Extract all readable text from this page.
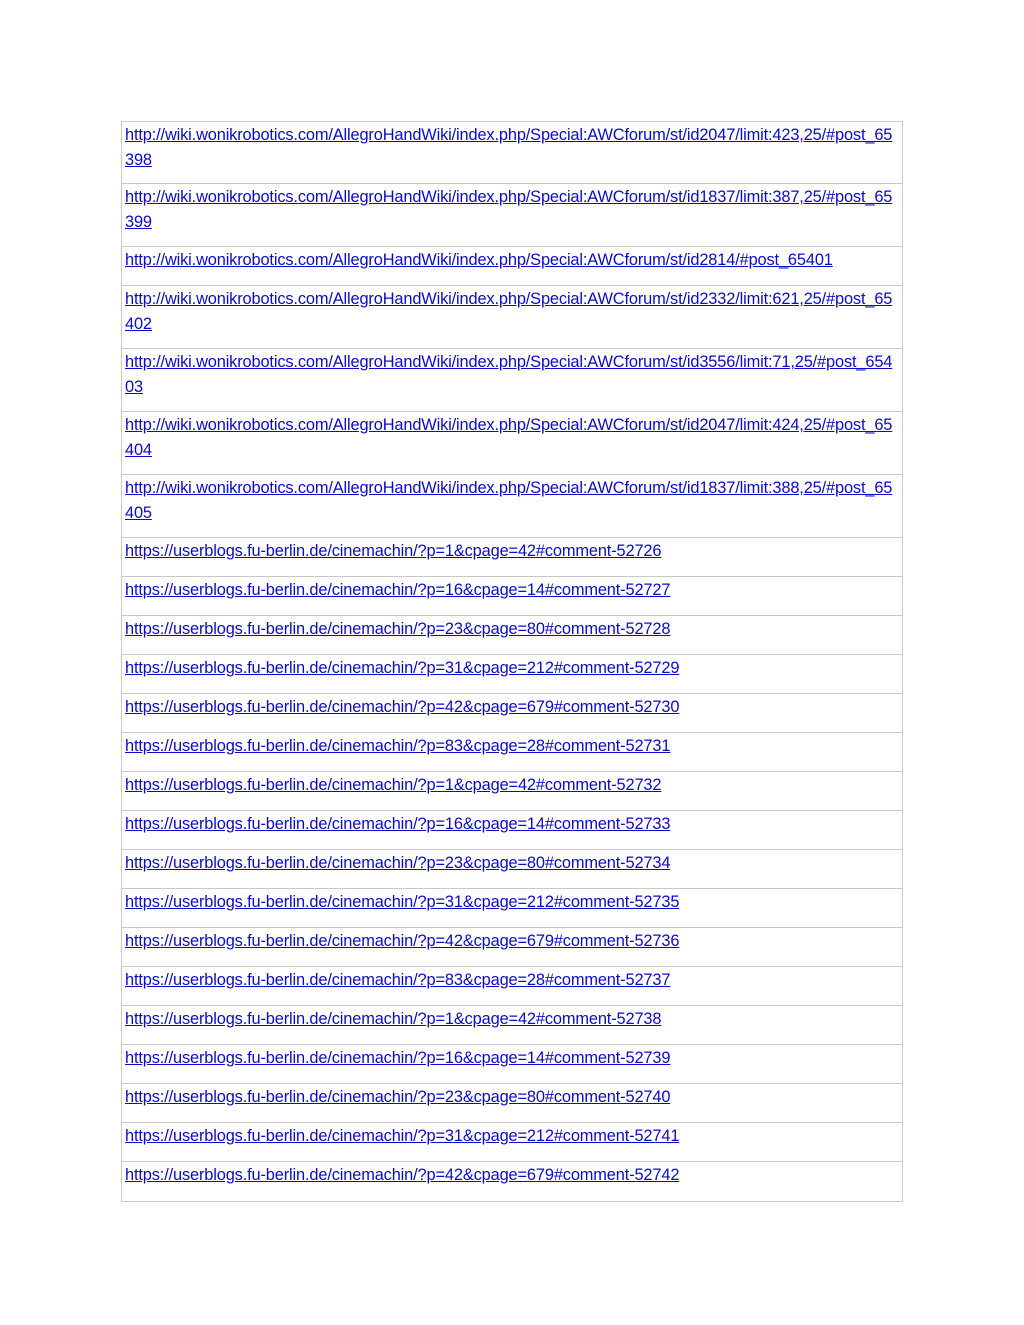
http://wiki.wonikrobotics.com/AllegroHandWiki/index.php/Special:AWCforum/st/id2047/limit:423,25/#post_65398
http://wiki.wonikrobotics.com/AllegroHandWiki/index.php/Special:AWCforum/st/id1837/limit:387,25/#post_65399
http://wiki.wonikrobotics.com/AllegroHandWiki/index.php/Special:AWCforum/st/id2814/#post_65401
http://wiki.wonikrobotics.com/AllegroHandWiki/index.php/Special:AWCforum/st/id2332/limit:621,25/#post_65402
http://wiki.wonikrobotics.com/AllegroHandWiki/index.php/Special:AWCforum/st/id3556/limit:71,25/#post_65403
http://wiki.wonikrobotics.com/AllegroHandWiki/index.php/Special:AWCforum/st/id2047/limit:424,25/#post_65404
http://wiki.wonikrobotics.com/AllegroHandWiki/index.php/Special:AWCforum/st/id1837/limit:388,25/#post_65405
https://userblogs.fu-berlin.de/cinemachin/?p=1&cpage=42#comment-52726
https://userblogs.fu-berlin.de/cinemachin/?p=16&cpage=14#comment-52727
https://userblogs.fu-berlin.de/cinemachin/?p=23&cpage=80#comment-52728
https://userblogs.fu-berlin.de/cinemachin/?p=31&cpage=212#comment-52729
https://userblogs.fu-berlin.de/cinemachin/?p=42&cpage=679#comment-52730
https://userblogs.fu-berlin.de/cinemachin/?p=83&cpage=28#comment-52731
https://userblogs.fu-berlin.de/cinemachin/?p=1&cpage=42#comment-52732
https://userblogs.fu-berlin.de/cinemachin/?p=16&cpage=14#comment-52733
https://userblogs.fu-berlin.de/cinemachin/?p=23&cpage=80#comment-52734
https://userblogs.fu-berlin.de/cinemachin/?p=31&cpage=212#comment-52735
https://userblogs.fu-berlin.de/cinemachin/?p=42&cpage=679#comment-52736
https://userblogs.fu-berlin.de/cinemachin/?p=83&cpage=28#comment-52737
https://userblogs.fu-berlin.de/cinemachin/?p=1&cpage=42#comment-52738
https://userblogs.fu-berlin.de/cinemachin/?p=16&cpage=14#comment-52739
https://userblogs.fu-berlin.de/cinemachin/?p=23&cpage=80#comment-52740
https://userblogs.fu-berlin.de/cinemachin/?p=31&cpage=212#comment-52741
https://userblogs.fu-berlin.de/cinemachin/?p=42&cpage=679#comment-52742
